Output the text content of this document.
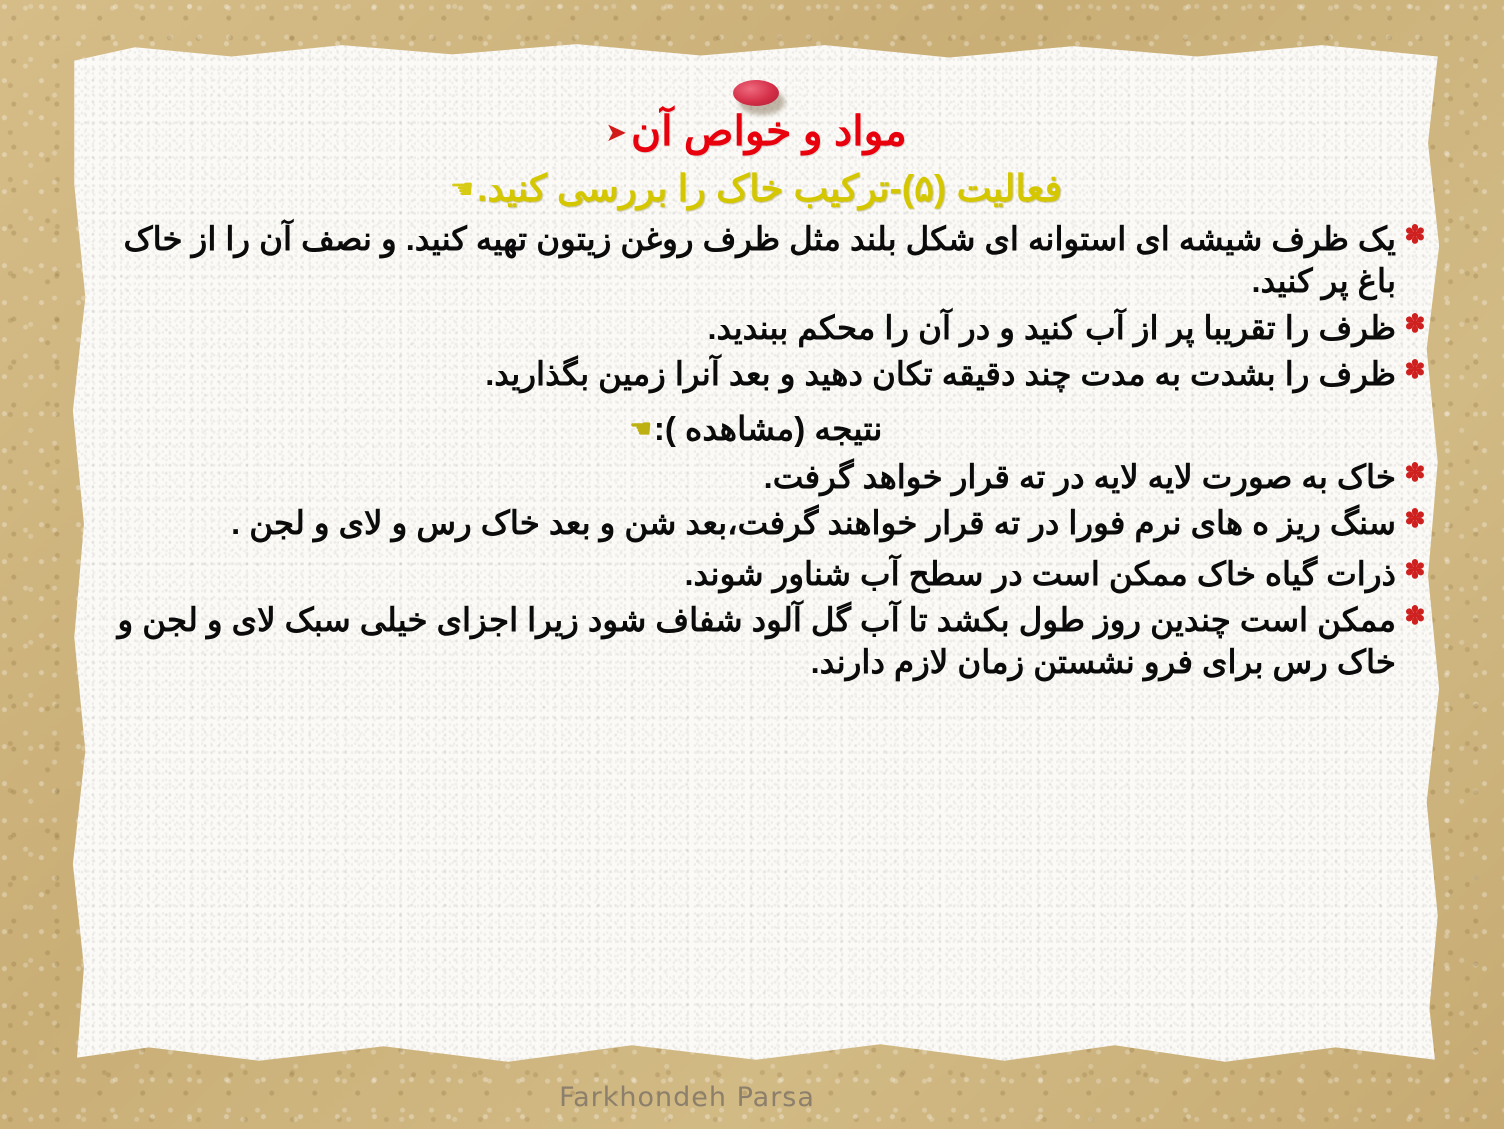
مواد و خواص آن➤
فعالیت (۵)-ترکیب خاک را بررسی کنید.☚
✽
یک ظرف شیشه ای استوانه ای شکل بلند مثل ظرف روغن زیتون تهیه کنید. و نصف آن را از خاک باغ پر کنید.
✽
ظرف را تقریبا پر از آب کنید و در آن را محکم ببندید.
✽
ظرف را بشدت به مدت چند دقیقه تکان دهید و بعد آنرا زمین بگذارید.
نتیجه (مشاهده ):☚
✽
خاک به صورت لایه لایه در ته قرار خواهد گرفت.
✽
سنگ ریز ه های نرم فورا در ته قرار خواهند گرفت،بعد شن و بعد خاک رس و لای و لجن .
✽
ذرات گیاه خاک ممکن است در سطح آب شناور شوند.
✽
ممکن است چندین روز طول بکشد تا آب گل آلود شفاف شود زیرا اجزای خیلی سبک لای و لجن و خاک رس برای فرو نشستن زمان لازم دارند.
Farkhondeh Parsa
